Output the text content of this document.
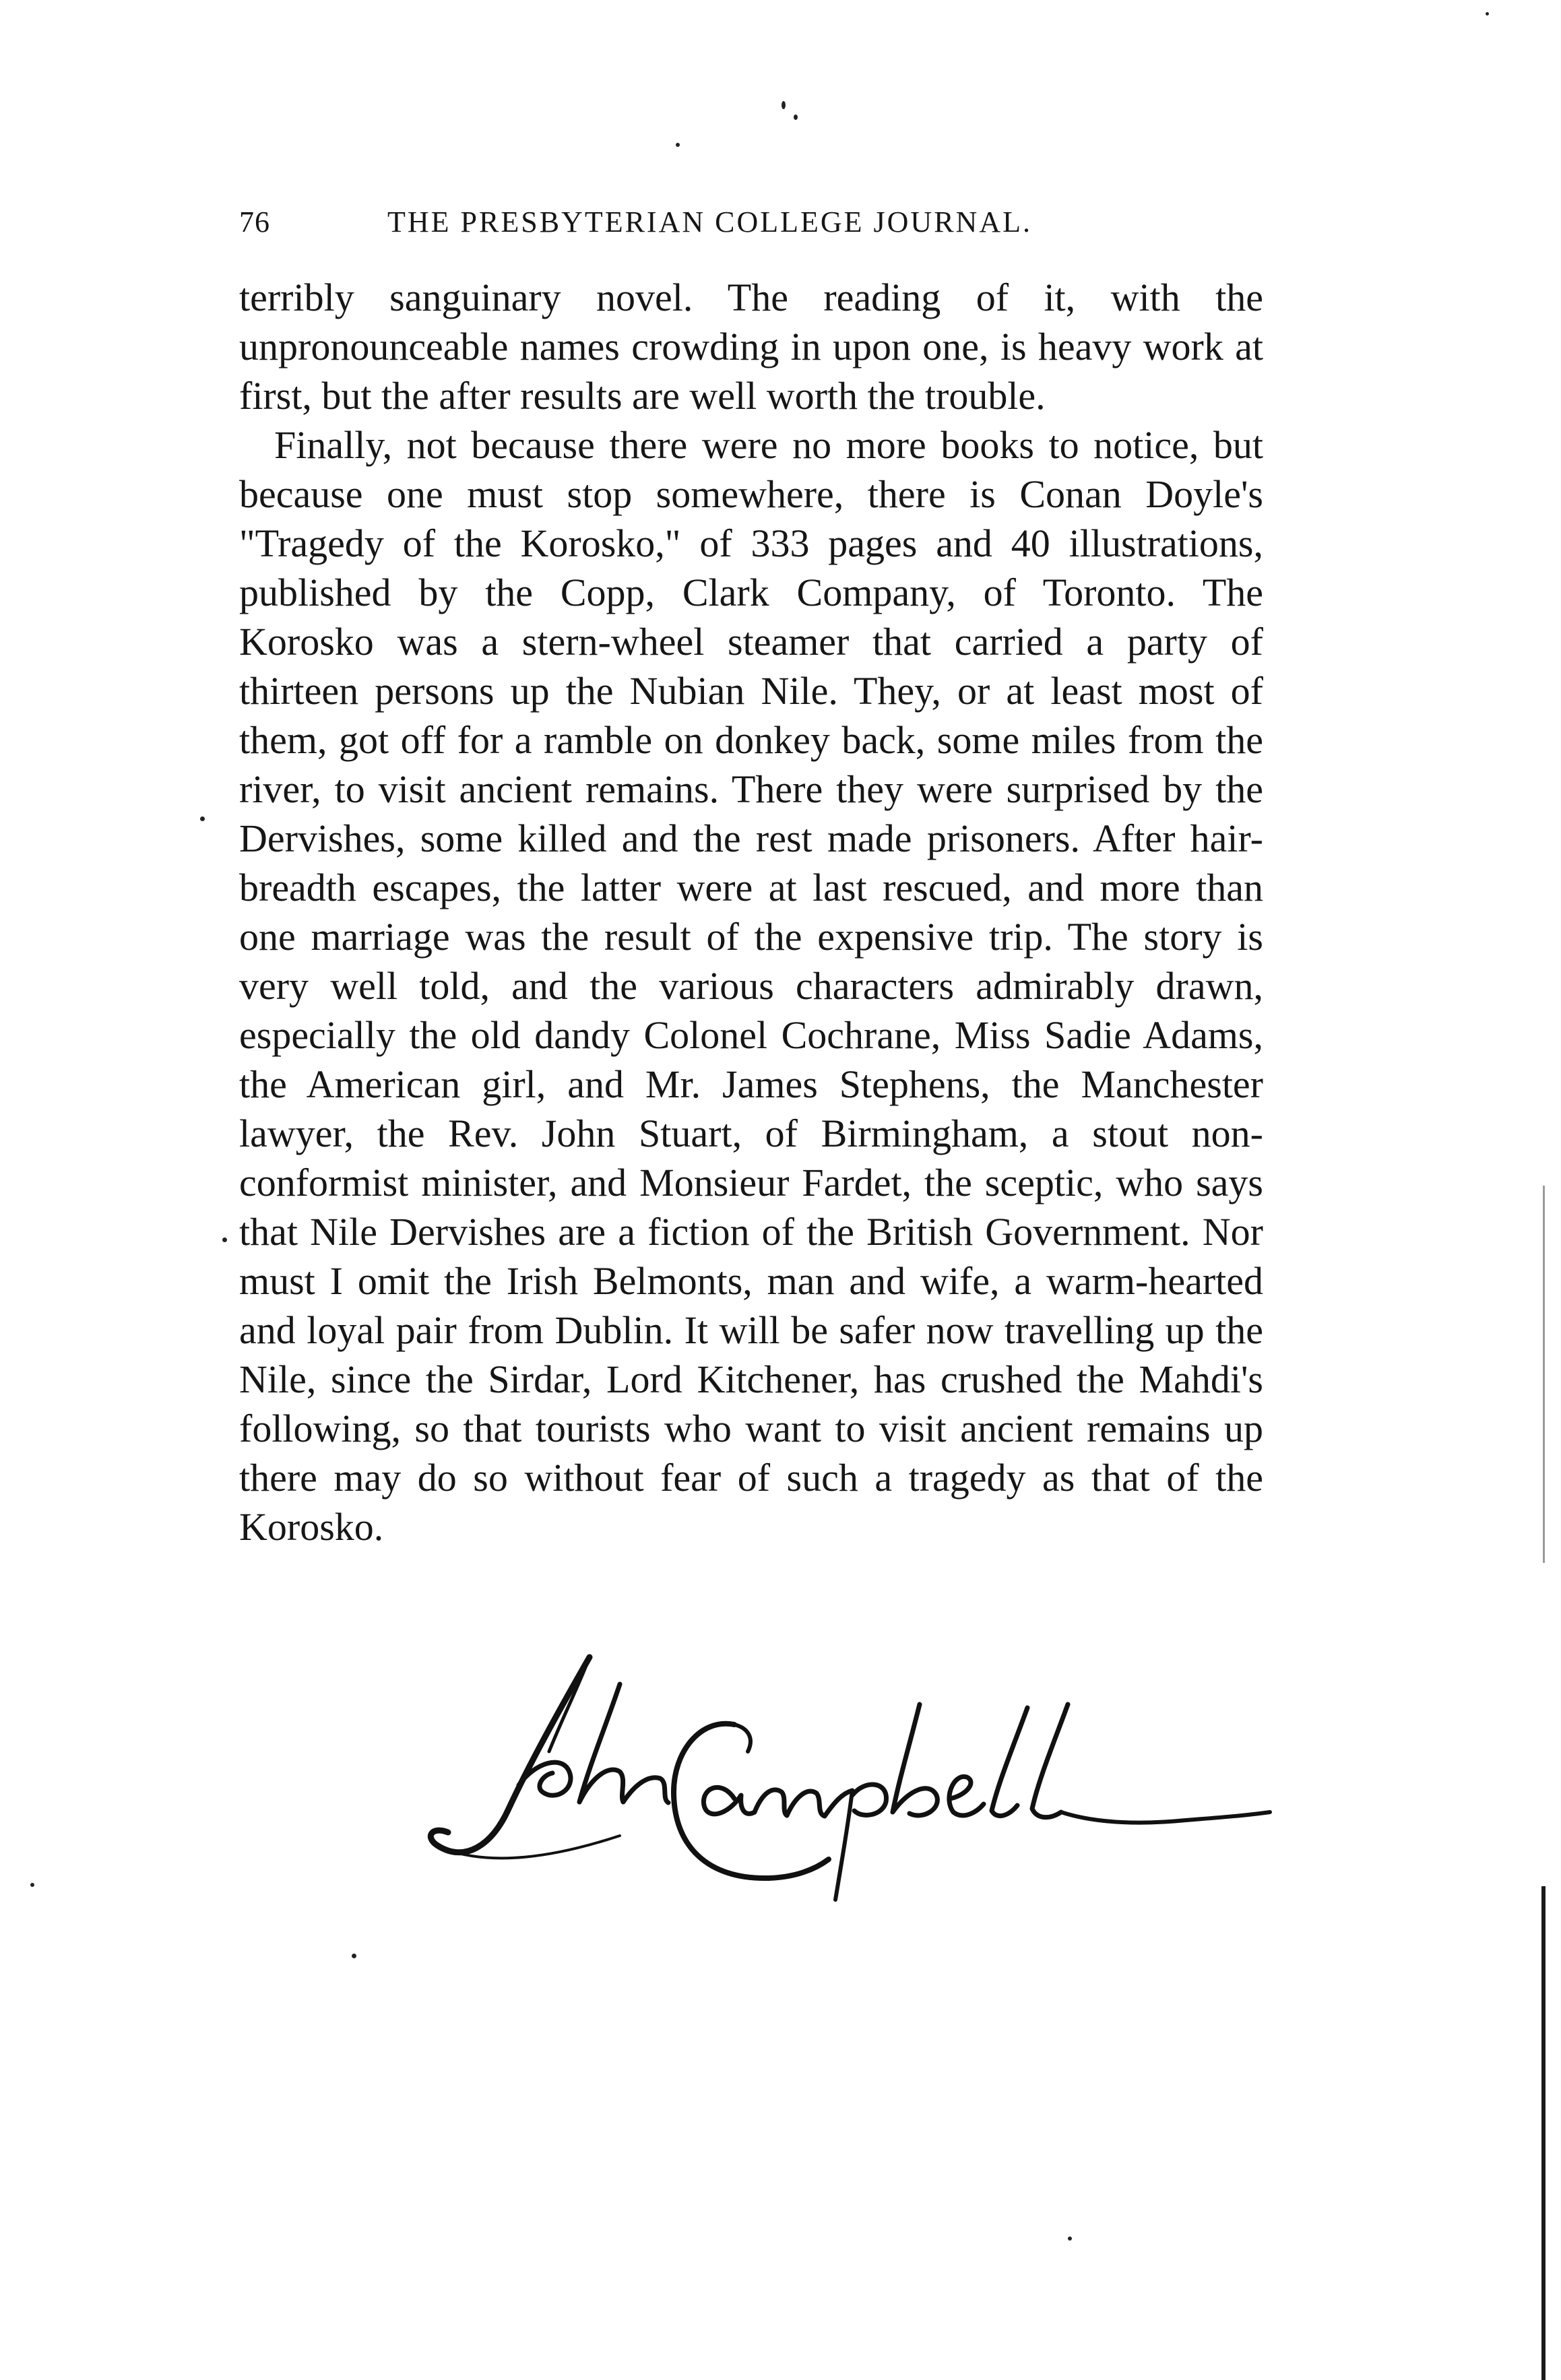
76	THE PRESBYTERIAN COLLEGE JOURNAL.

terribly sanguinary novel. The reading of it, with the unpronounceable names crowding in upon one, is heavy work at first, but the after results are well worth the trouble.

Finally, not because there were no more books to notice, but because one must stop somewhere, there is Conan Doyle's "Tragedy of the Korosko," of 333 pages and 40 illustrations, published by the Copp, Clark Company, of Toronto. The Korosko was a stern-wheel steamer that carried a party of thirteen persons up the Nubian Nile. They, or at least most of them, got off for a ramble on donkey back, some miles from the river, to visit ancient remains. There they were surprised by the Dervishes, some killed and the rest made prisoners. After hair-breadth escapes, the latter were at last rescued, and more than one marriage was the result of the expensive trip. The story is very well told, and the various characters admirably drawn, especially the old dandy Colonel Cochrane, Miss Sadie Adams, the American girl, and Mr. James Stephens, the Manchester lawyer, the Rev. John Stuart, of Birmingham, a stout non-conformist minister, and Monsieur Fardet, the sceptic, who says that Nile Dervishes are a fiction of the British Government. Nor must I omit the Irish Belmonts, man and wife, a warm-hearted and loyal pair from Dublin. It will be safer now travelling up the Nile, since the Sirdar, Lord Kitchener, has crushed the Mahdi's following, so that tourists who want to visit ancient remains up there may do so without fear of such a tragedy as that of the Korosko.
